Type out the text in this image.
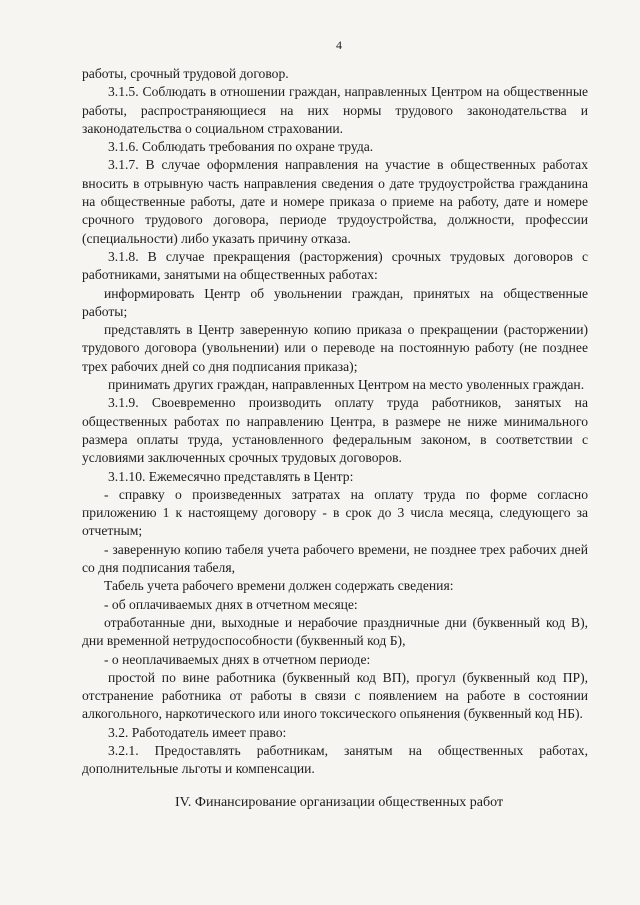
4

работы, срочный трудовой договор.

3.1.5. Соблюдать в отношении граждан, направленных Центром на общественные работы, распространяющиеся на них нормы трудового законодательства и законодательства о социальном страховании.

3.1.6. Соблюдать требования по охране труда.

3.1.7. В случае оформления направления на участие в общественных работах вносить в отрывную часть направления сведения о дате трудоустройства гражданина на общественные работы, дате и номере приказа о приеме на работу, дате и номере срочного трудового договора, периоде трудоустройства, должности, профессии (специальности) либо указать причину отказа.

3.1.8. В случае прекращения (расторжения) срочных трудовых договоров с работниками, занятыми на общественных работах:

информировать Центр об увольнении граждан, принятых на общественные работы;

представлять в Центр заверенную копию приказа о прекращении (расторжении) трудового договора (увольнении) или о переводе на постоянную работу (не позднее трех рабочих дней со дня подписания приказа);

принимать других граждан, направленных Центром на место уволенных граждан.

3.1.9. Своевременно производить оплату труда работников, занятых на общественных работах по направлению Центра, в размере не ниже минимального размера оплаты труда, установленного федеральным законом, в соответствии с условиями заключенных срочных трудовых договоров.

3.1.10. Ежемесячно представлять в Центр:

- справку о произведенных затратах на оплату труда по форме согласно приложению 1 к настоящему договору - в срок до 3 числа месяца, следующего за отчетным;

- заверенную копию табеля учета рабочего времени, не позднее трех рабочих дней со дня подписания табеля,

Табель учета рабочего времени должен содержать сведения:

- об оплачиваемых днях в отчетном месяце:

отработанные дни, выходные и нерабочие праздничные дни (буквенный код В), дни временной нетрудоспособности (буквенный код Б),

- о неоплачиваемых днях в отчетном периоде:

простой по вине работника (буквенный код ВП), прогул (буквенный код ПР), отстранение работника от работы в связи с появлением на работе в состоянии алкогольного, наркотического или иного токсического опьянения (буквенный код НБ).

3.2. Работодатель имеет право:

3.2.1. Предоставлять работникам, занятым на общественных работах, дополнительные льготы и компенсации.

IV. Финансирование организации общественных работ
